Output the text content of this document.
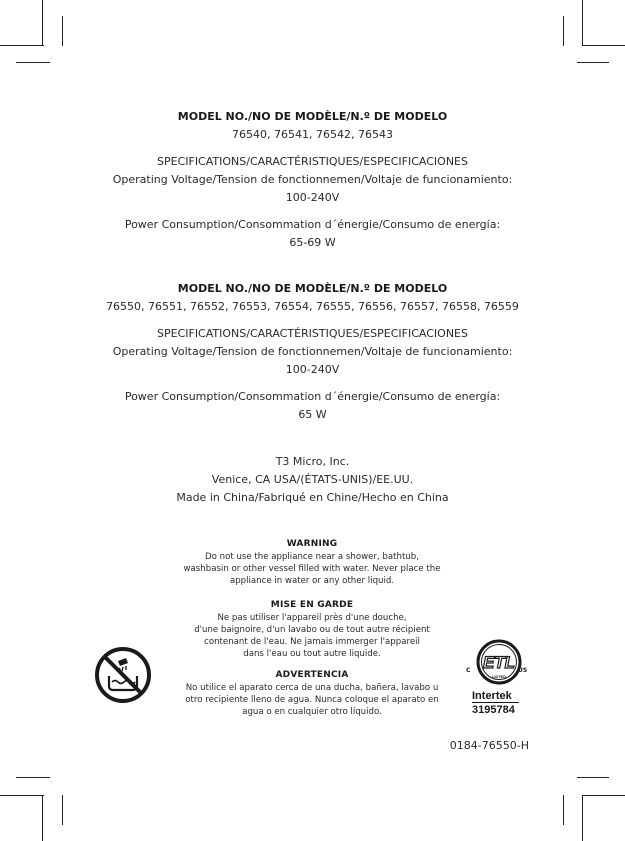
MODEL NO./NO DE MODÈLE/N.º DE MODELO
76540, 76541, 76542, 76543
SPECIFICATIONS/CARACTÉRISTIQUES/ESPECIFICACIONES
Operating Voltage/Tension de fonctionnemen/Voltaje de funcionamiento:
100-240V
Power Consumption/Consommation d´énergie/Consumo de energía:
65-69 W
MODEL NO./NO DE MODÈLE/N.º DE MODELO
76550, 76551, 76552, 76553, 76554, 76555, 76556, 76557, 76558, 76559
SPECIFICATIONS/CARACTÉRISTIQUES/ESPECIFICACIONES
Operating Voltage/Tension de fonctionnemen/Voltaje de funcionamiento:
100-240V
Power Consumption/Consommation d´énergie/Consumo de energía:
65 W
T3 Micro, Inc.
Venice, CA USA/(ÉTATS-UNIS)/EE.UU.
Made in China/Fabriqué en Chine/Hecho en China
WARNING
Do not use the appliance near a shower, bathtub,
washbasin or other vessel filled with water. Never place the
appliance in water or any other liquid.
MISE EN GARDE
Ne pas utiliser l'appareil près d'une douche,
d'une baignoire, d'un lavabo ou de tout autre récipient
contenant de l'eau. Ne jamais immerger l'appareil
dans l'eau ou tout autre liquide.
ADVERTENCIA
No utilice el aparato cerca de una ducha, bañera, lavabo u
otro recipiente lleno de agua. Nunca coloque el aparato en
agua o en cualquier otro líquido.
ETL
LISTED
C	US
Intertek
3195784
0184-76550-H
